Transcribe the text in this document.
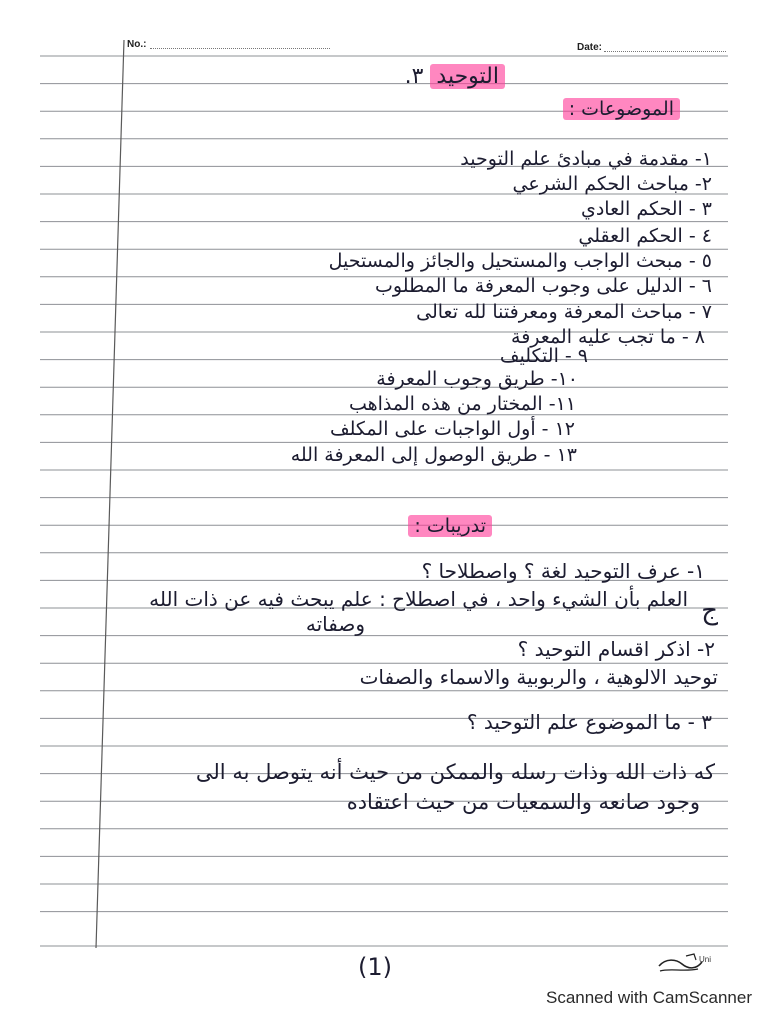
No.:	Date:
التوحيد ٣.
الموضوعات :
١- مقدمة في مبادئ علم التوحيد
٢- مباحث الحكم الشرعي
٣ - الحكم العادي
٤ - الحكم العقلي
٥ - مبحث الواجب والمستحيل والجائز والمستحيل
٦ - الدليل على وجوب المعرفة ما المطلوب
٧ - مباحث المعرفة ومعرفتنا لله تعالى
٨ - ما تجب عليه المعرفة
٩ - التكليف
١٠- طريق وجوب المعرفة
١١- المختار من هذه المذاهب
١٢ - أول الواجبات على المكلف
١٣ - طريق الوصول إلى المعرفة الله
تدريبات :
١- عرف التوحيد لغة ؟ واصطلاحا ؟
ج
العلم بأن الشيء واحد ، في اصطلاح : علم يبحث فيه عن ذات الله
وصفاته
٢- اذكر اقسام التوحيد ؟
توحيد الالوهية ، والربوبية والاسماء والصفات
٣ - ما الموضوع علم التوحيد ؟
كه ذات الله وذات رسله والممكن من حيث أنه يتوصل به الى
وجود صانعه والسمعيات من حيث اعتقاده
(1)	Uni
Scanned with CamScanner
